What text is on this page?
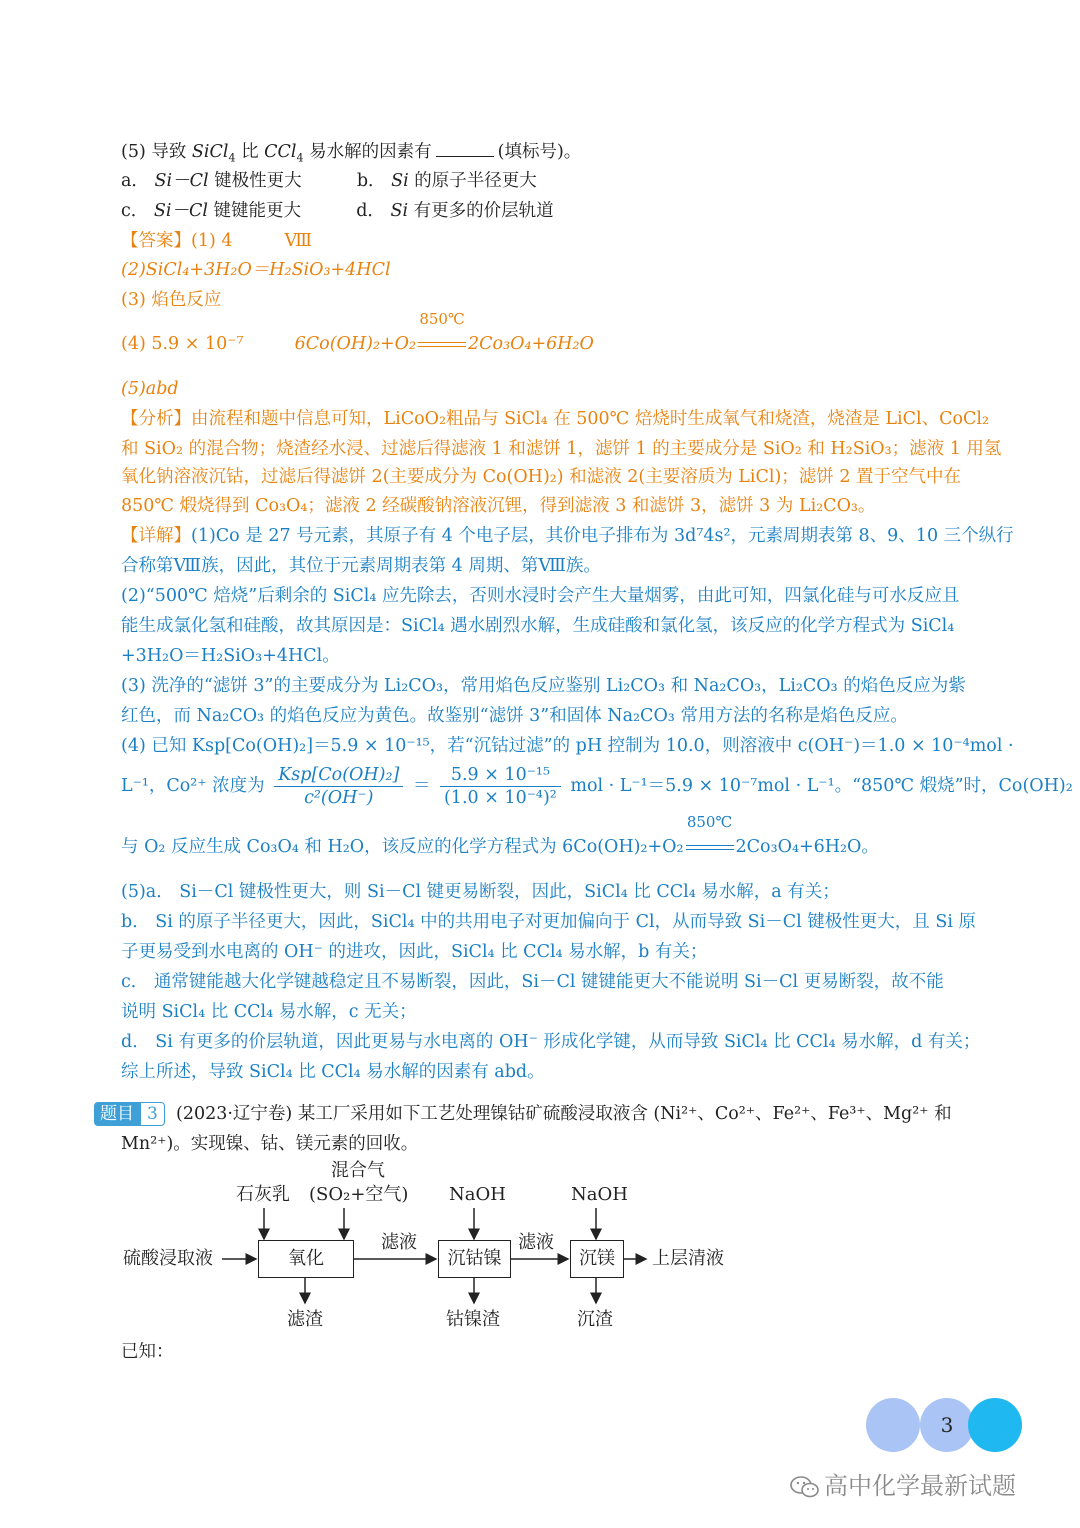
(5) 导致 SiCl$_4$ 比 CCl$_4$ 易水解的因素有	(填标号)。
a． Si－Cl 键极性更大	b． Si 的原子半径更大
c． Si－Cl 键键能更大	d． Si 有更多的价层轨道
【答案】(1) 4	Ⅷ
(2)SiCl₄+3H₂O＝H₂SiO₃+4HCl
(3) 焰色反应
(4) 5.9 × 10⁻⁷	6Co(OH)₂+O₂
850℃
2Co₃O₄+6H₂O
(5)abd
【分析】由流程和题中信息可知，LiCoO₂粗品与 SiCl₄ 在 500℃ 焙烧时生成氧气和烧渣，烧渣是 LiCl、CoCl₂
和 SiO₂ 的混合物；烧渣经水浸、过滤后得滤液 1 和滤饼 1，滤饼 1 的主要成分是 SiO₂ 和 H₂SiO₃；滤液 1 用氢
氧化钠溶液沉钴，过滤后得滤饼 2(主要成分为 Co(OH)₂) 和滤液 2(主要溶质为 LiCl)；滤饼 2 置于空气中在
850℃ 煅烧得到 Co₃O₄；滤液 2 经碳酸钠溶液沉锂，得到滤液 3 和滤饼 3，滤饼 3 为 Li₂CO₃。
【详解】(1)Co 是 27 号元素，其原子有 4 个电子层，其价电子排布为 3d⁷4s²，元素周期表第 8、9、10 三个纵行
合称第Ⅷ族，因此，其位于元素周期表第 4 周期、第Ⅷ族。
(2)“500℃ 焙烧”后剩余的 SiCl₄ 应先除去，否则水浸时会产生大量烟雾，由此可知，四氯化硅与可水反应且
能生成氯化氢和硅酸，故其原因是：SiCl₄ 遇水剧烈水解，生成硅酸和氯化氢，该反应的化学方程式为 SiCl₄
+3H₂O＝H₂SiO₃+4HCl。
(3) 洗净的“滤饼 3”的主要成分为 Li₂CO₃，常用焰色反应鉴别 Li₂CO₃ 和 Na₂CO₃，Li₂CO₃ 的焰色反应为紫
红色，而 Na₂CO₃ 的焰色反应为黄色。故鉴别“滤饼 3”和固体 Na₂CO₃ 常用方法的名称是焰色反应。
(4) 已知 Ksp[Co(OH)₂]＝5.9 × 10⁻¹⁵，若“沉钴过滤”的 pH 控制为 10.0，则溶液中 c(OH⁻)＝1.0 × 10⁻⁴mol ·
L⁻¹，Co²⁺ 浓度为 $\frac{\text{Ksp[Co(OH)₂]}}{\text{c²(OH⁻)}} = \frac{\text{5.9 × 10⁻¹⁵}}{\text{(1.0 × 10⁻⁴)²}}$ mol · L⁻¹＝5.9 × 10⁻⁷mol · L⁻¹。“850℃ 煅烧”时，Co(OH)₂
与 O₂ 反应生成 Co₃O₄ 和 H₂O，该反应的化学方程式为 6Co(OH)₂+O₂
850℃
2Co₃O₄+6H₂O。
(5)a． Si－Cl 键极性更大，则 Si－Cl 键更易断裂，因此，SiCl₄ 比 CCl₄ 易水解，a 有关；
b． Si 的原子半径更大，因此，SiCl₄ 中的共用电子对更加偏向于 Cl，从而导致 Si－Cl 键极性更大，且 Si 原
子更易受到水电离的 OH⁻ 的进攻，因此，SiCl₄ 比 CCl₄ 易水解，b 有关；
c． 通常键能越大化学键越稳定且不易断裂，因此，Si－Cl 键键能更大不能说明 Si－Cl 更易断裂，故不能
说明 SiCl₄ 比 CCl₄ 易水解，c 无关；
d． Si 有更多的价层轨道，因此更易与水电离的 OH⁻ 形成化学键，从而导致 SiCl₄ 比 CCl₄ 易水解，d 有关；
综上所述，导致 SiCl₄ 比 CCl₄ 易水解的因素有 abd。
题目 3	(2023·辽宁卷) 某工厂采用如下工艺处理镍钴矿硫酸浸取液含 (Ni²⁺、Co²⁺、Fe²⁺、Fe³⁺、Mg²⁺ 和
Mn²⁺)。实现镍、钴、镁元素的回收。
硫酸浸取液
石灰乳
混合气
(SO₂+空气)
氧化
滤液
NaOH
沉钴镍
滤液
NaOH
沉镁	上层清液
滤渣	钴镍渣	沉渣
已知：
3
高中化学最新试题
